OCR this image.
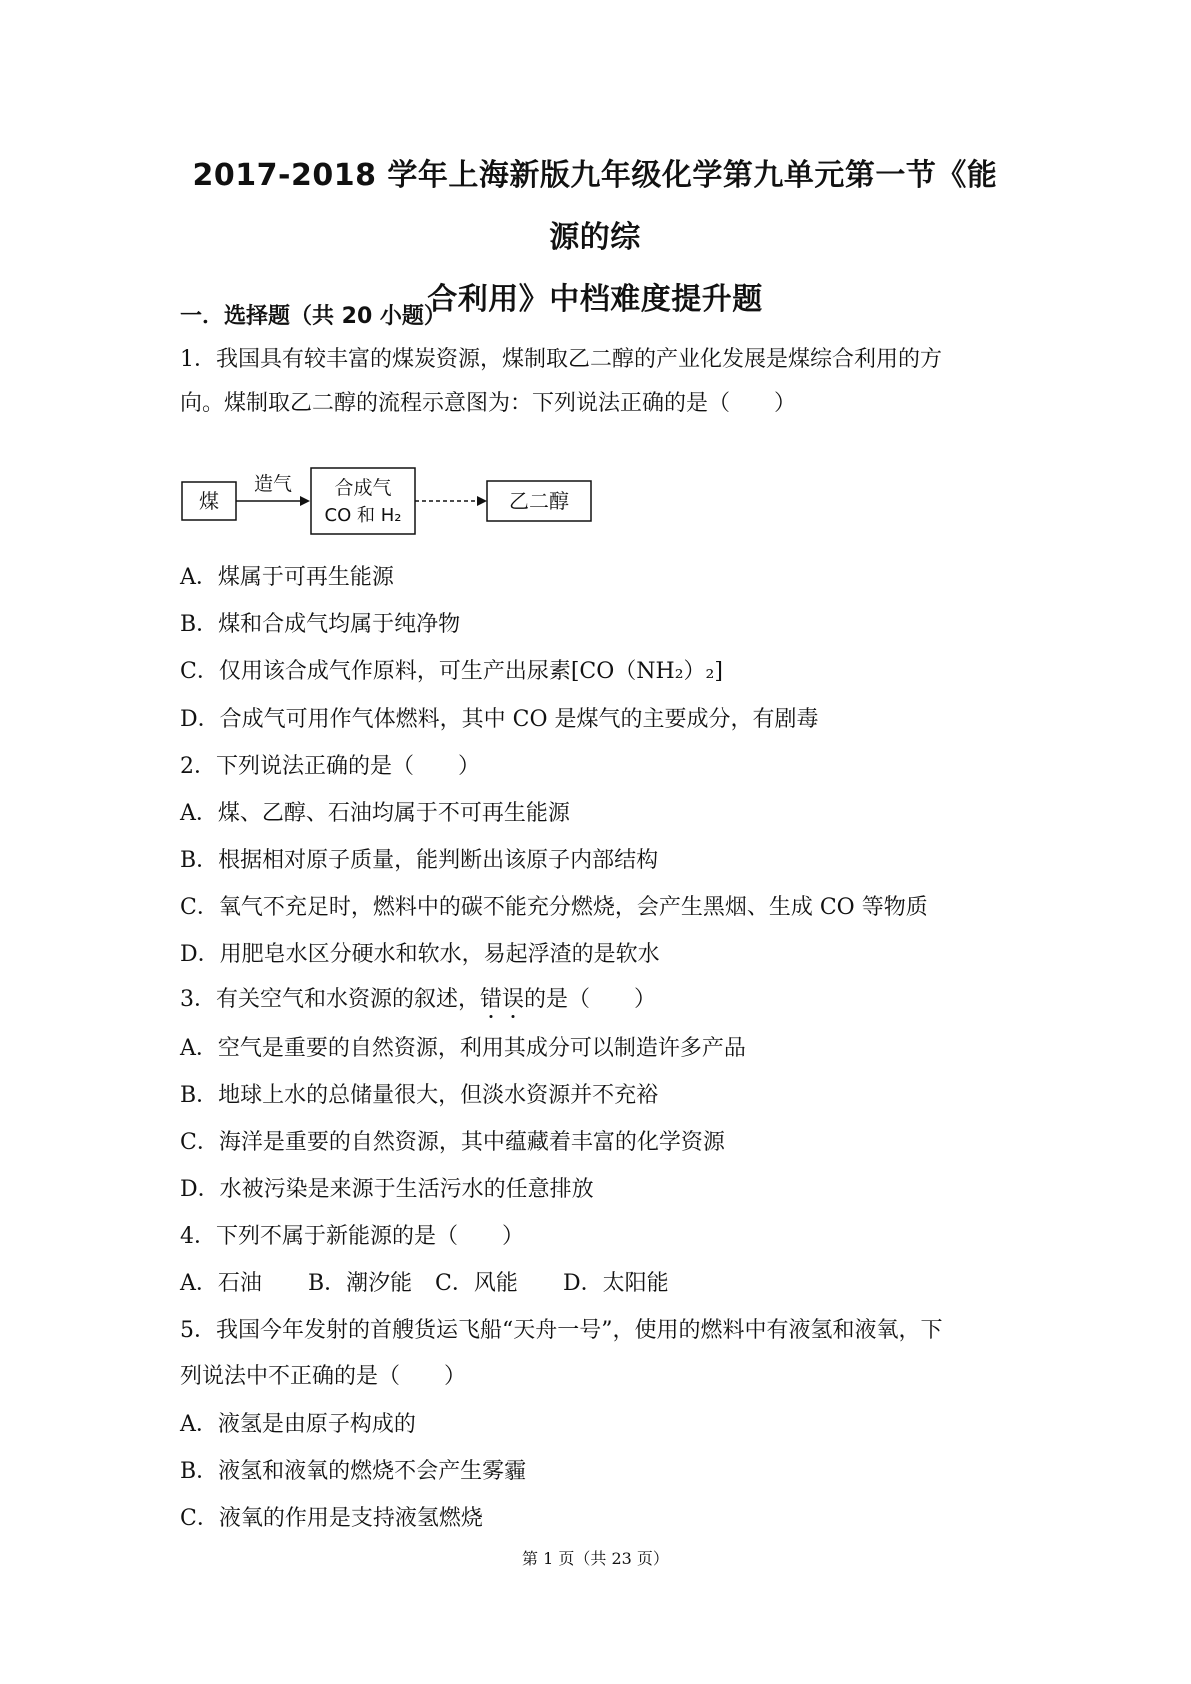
2017-2018 学年上海新版九年级化学第九单元第一节《能源的综
合利用》中档难度提升题
一．选择题（共 20 小题）
1．我国具有较丰富的煤炭资源，煤制取乙二醇的产业化发展是煤综合利用的方
向。煤制取乙二醇的流程示意图为：下列说法正确的是（　　）
煤
造气 合成气
CO 和 H₂
乙二醇
A．煤属于可再生能源
B．煤和合成气均属于纯净物
C．仅用该合成气作原料，可生产出尿素[CO（NH₂）₂]
D．合成气可用作气体燃料，其中 CO 是煤气的主要成分，有剧毒
2．下列说法正确的是（　　）
A．煤、乙醇、石油均属于不可再生能源
B．根据相对原子质量，能判断出该原子内部结构
C．氧气不充足时，燃料中的碳不能充分燃烧，会产生黑烟、生成 CO 等物质
D．用肥皂水区分硬水和软水，易起浮渣的是软水
3．有关空气和水资源的叙述，错误的是（　　）
A．空气是重要的自然资源，利用其成分可以制造许多产品
B．地球上水的总储量很大，但淡水资源并不充裕
C．海洋是重要的自然资源，其中蕴藏着丰富的化学资源
D．水被污染是来源于生活污水的任意排放
4．下列不属于新能源的是（　　）
A．石油 B．潮汐能 C．风能 D．太阳能
5．我国今年发射的首艘货运飞船“天舟一号”，使用的燃料中有液氢和液氧，下
列说法中不正确的是（　　）
A．液氢是由原子构成的
B．液氢和液氧的燃烧不会产生雾霾
C．液氧的作用是支持液氢燃烧
第 1 页（共 23 页）
